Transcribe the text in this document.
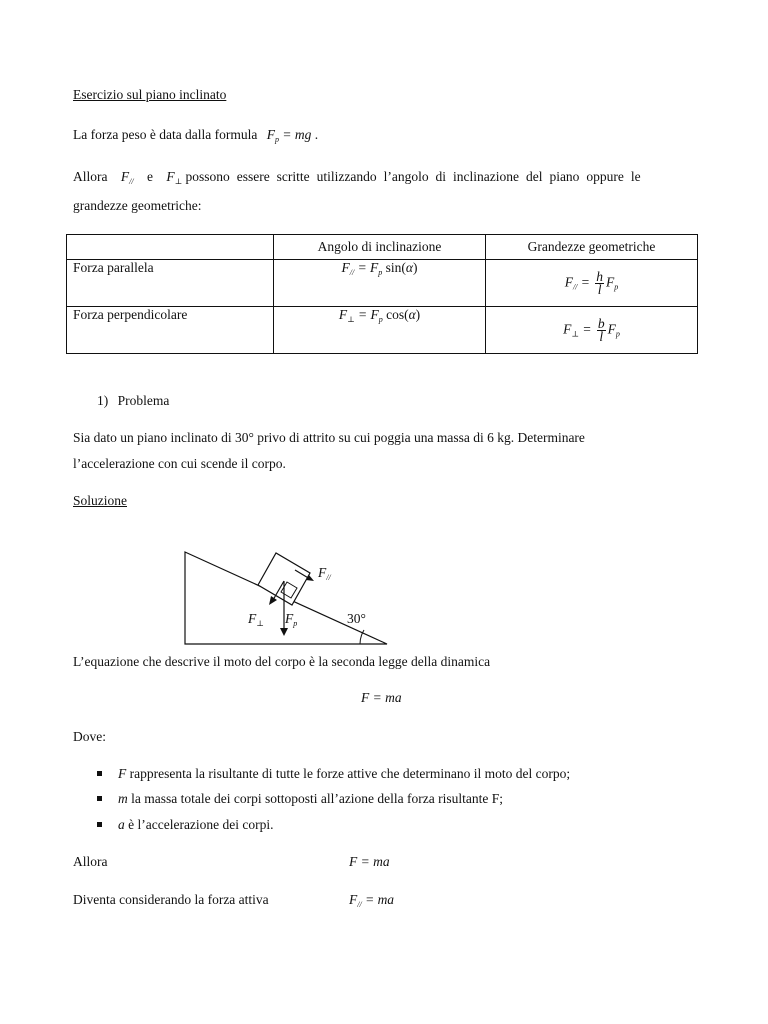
Esercizio sul piano inclinato
La forza peso è data dalla formula $F_p$ = mg .
Allora $F_{//}$ e $F_\perp$ possono essere scritte utilizzando l’angolo di inclinazione del piano oppure le
grandezze geometriche:
	Angolo di inclinazione	Grandezze geometriche
Forza parallela	$F_{//} = F_p$ sin(α)	$F_{//} = \frac{h}{l} F_p$
Forza perpendicolare	$F_\perp = F_p$ cos(α)	$F_\perp = \frac{b}{l} F_p$
1) Problema
Sia dato un piano inclinato di 30° privo di attrito su cui poggia una massa di 6 kg. Determinare
l’accelerazione con cui scende il corpo.
Soluzione
$F_{//}$
$F_\perp$ $F_p$	30°
L’equazione che descrive il moto del corpo è la seconda legge della dinamica
F = ma
Dove:
F rappresenta la risultante di tutte le forze attive che determinano il moto del corpo;
m la massa totale dei corpi sottoposti all’azione della forza risultante F;
a è l’accelerazione dei corpi.
Allora	F = ma
Diventa considerando la forza attiva	$F_{//}$ = ma
